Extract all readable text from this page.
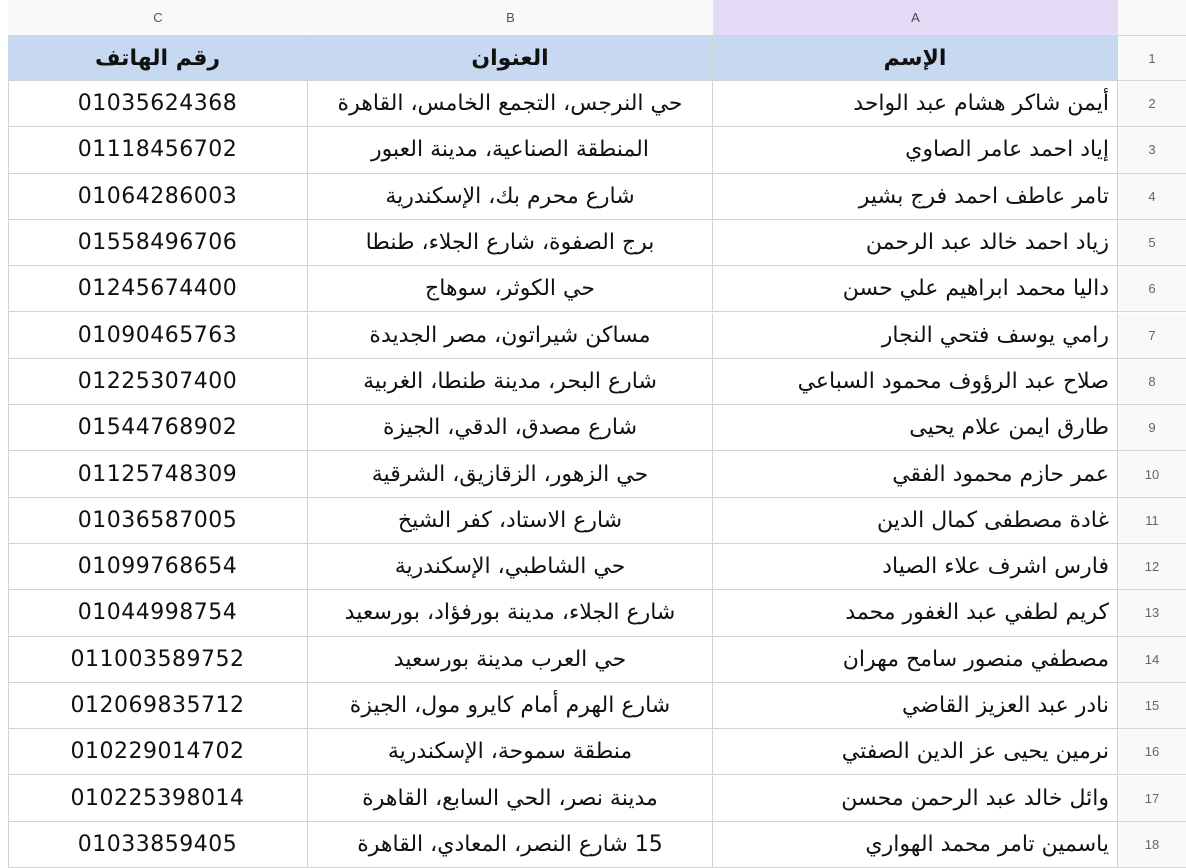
C	B	A
رقم الهاتف	العنوان	الإسم	1
01035624368	حي النرجس، التجمع الخامس، القاهرة	أيمن شاكر هشام عبد الواحد	2
01118456702	المنطقة الصناعية، مدينة العبور	إياد احمد عامر الصاوي	3
01064286003	شارع محرم بك، الإسكندرية	تامر عاطف احمد فرج بشير	4
01558496706	برج الصفوة، شارع الجلاء، طنطا	زياد احمد خالد عبد الرحمن	5
01245674400	حي الكوثر، سوهاج	داليا محمد ابراهيم علي حسن	6
01090465763	مساكن شيراتون، مصر الجديدة	رامي يوسف فتحي النجار	7
01225307400	شارع البحر، مدينة طنطا، الغربية	صلاح عبد الرؤوف محمود السباعي	8
01544768902	شارع مصدق، الدقي، الجيزة	طارق ايمن علام يحيى	9
01125748309	حي الزهور، الزقازيق، الشرقية	عمر حازم محمود الفقي	10
01036587005	شارع الاستاد، كفر الشيخ	غادة مصطفى كمال الدين	11
01099768654	حي الشاطبي، الإسكندرية	فارس اشرف علاء الصياد	12
01044998754	شارع الجلاء، مدينة بورفؤاد، بورسعيد	كريم لطفي عبد الغفور محمد	13
011003589752	حي العرب مدينة بورسعيد	مصطفي منصور سامح مهران	14
012069835712	شارع الهرم أمام كايرو مول، الجيزة	نادر عبد العزيز القاضي	15
010229014702	منطقة سموحة، الإسكندرية	نرمين يحيى عز الدين الصفتي	16
010225398014	مدينة نصر، الحي السابع، القاهرة	وائل خالد عبد الرحمن محسن	17
01033859405	15 شارع النصر، المعادي، القاهرة	ياسمين تامر محمد الهواري	18
